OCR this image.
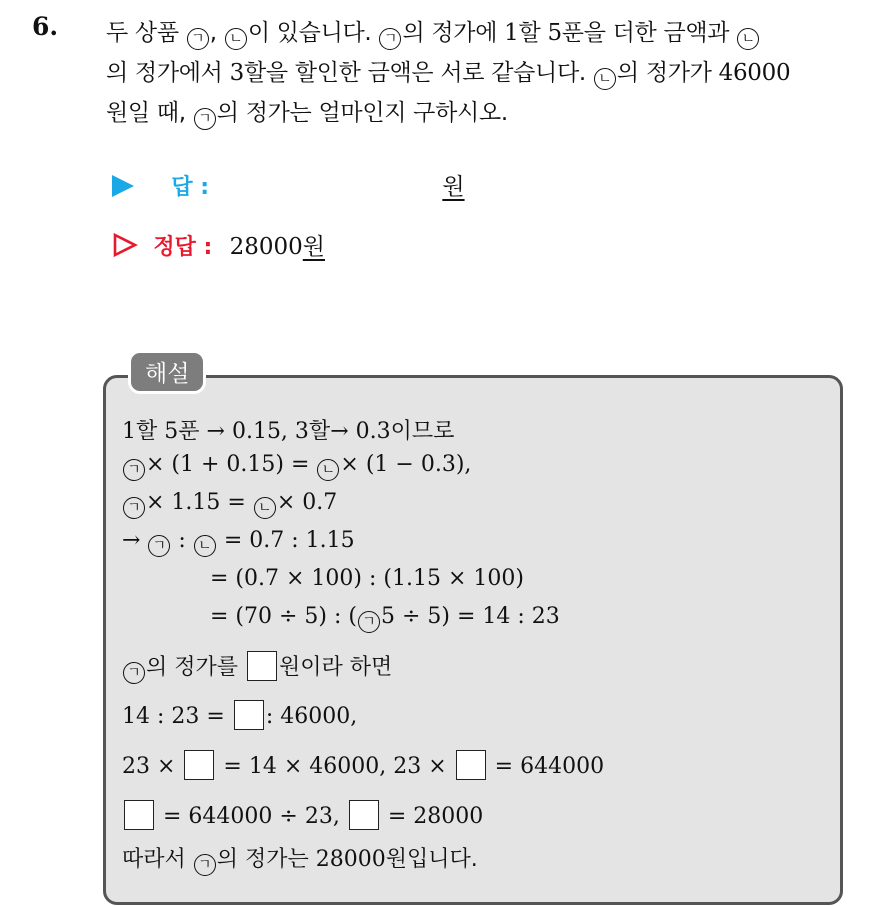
6. 두 상품 ㄱ , ㄴ 이 있습니다. ㄱ 의 정가에 1할 5푼을 더한 금액과 ㄴ
의 정가에서 3할을 할인한 금액은 서로 같습니다. ㄴ 의 정가가 46000
원일 때, ㄱ 의 정가는 얼마인지 구하시오.
답 :	원
정답 : 28000원
해설
1할 5푼 → 0.15, 3할→ 0.3이므로
ㄱ × (1 + 0.15) = ㄴ × (1 − 0.3),
ㄱ × 1.15 = ㄴ × 0.7
→ ㄱ : ㄴ = 0.7 : 1.15
= (0.7 × 100) : (1.15 × 100)
= (70 ÷ 5) : ( ㄱ 5 ÷ 5) = 14 : 23
ㄱ 의 정가를 원이라 하면
14 : 23 = : 46000,
23 × = 14 × 46000, 23 × = 644000
= 644000 ÷ 23, = 28000
따라서 ㄱ 의 정가는 28000원입니다.
